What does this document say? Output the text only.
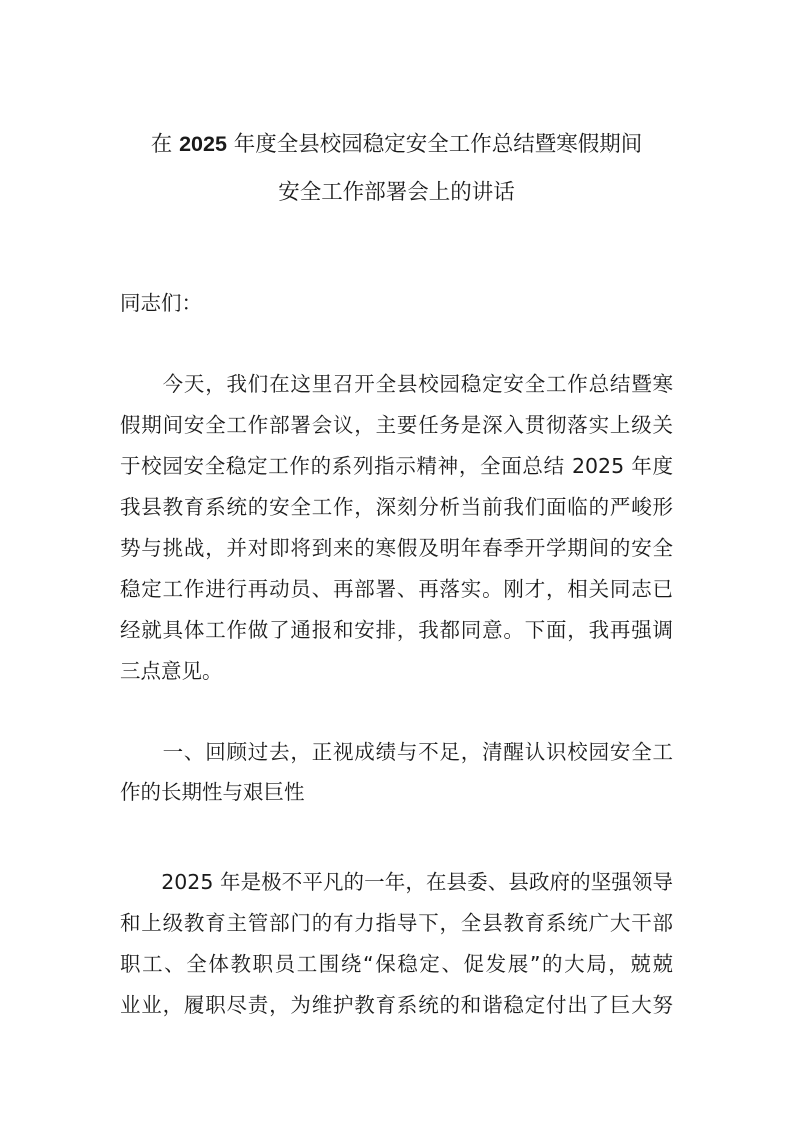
在 2025 年度全县校园稳定安全工作总结暨寒假期间
安全工作部署会上的讲话
同志们：
　　今天，我们在这里召开全县校园稳定安全工作总结暨寒
假期间安全工作部署会议，主要任务是深入贯彻落实上级关
于校园安全稳定工作的系列指示精神，全面总结 2025 年度
我县教育系统的安全工作，深刻分析当前我们面临的严峻形
势与挑战，并对即将到来的寒假及明年春季开学期间的安全
稳定工作进行再动员、再部署、再落实。刚才，相关同志已
经就具体工作做了通报和安排，我都同意。下面，我再强调
三点意见。
　　一、回顾过去，正视成绩与不足，清醒认识校园安全工
作的长期性与艰巨性
　　2025 年是极不平凡的一年，在县委、县政府的坚强领导
和上级教育主管部门的有力指导下，全县教育系统广大干部
职工、全体教职员工围绕“保稳定、促发展”的大局，兢兢
业业，履职尽责，为维护教育系统的和谐稳定付出了巨大努
